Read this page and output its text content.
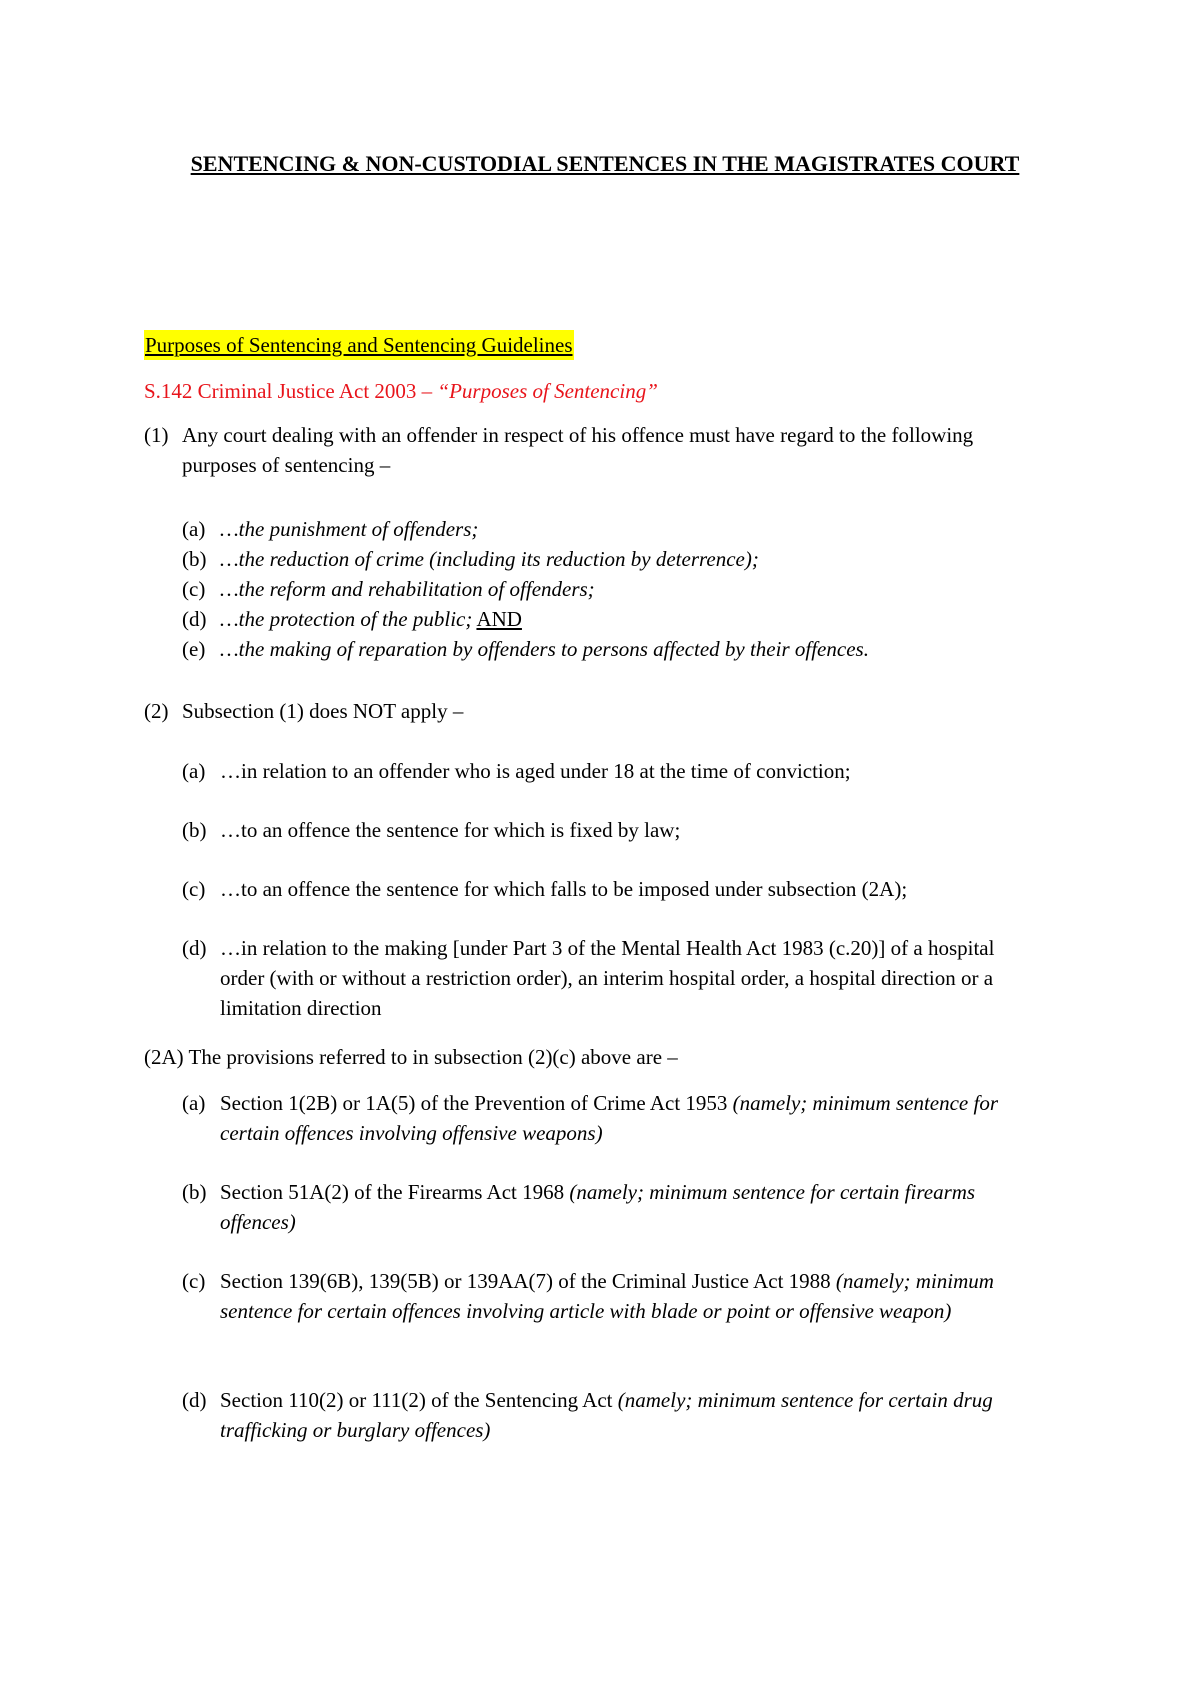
SENTENCING & NON-CUSTODIAL SENTENCES IN THE MAGISTRATES COURT
Purposes of Sentencing and Sentencing Guidelines
S.142 Criminal Justice Act 2003 – “Purposes of Sentencing”
(1) Any court dealing with an offender in respect of his offence must have regard to the following purposes of sentencing –
(a) …the punishment of offenders;
(b) …the reduction of crime (including its reduction by deterrence);
(c) …the reform and rehabilitation of offenders;
(d) …the protection of the public; AND
(e) …the making of reparation by offenders to persons affected by their offences.
(2) Subsection (1) does NOT apply –
(a) …in relation to an offender who is aged under 18 at the time of conviction;
(b) …to an offence the sentence for which is fixed by law;
(c) …to an offence the sentence for which falls to be imposed under subsection (2A);
(d) …in relation to the making [under Part 3 of the Mental Health Act 1983 (c.20)] of a hospital order (with or without a restriction order), an interim hospital order, a hospital direction or a limitation direction
(2A) The provisions referred to in subsection (2)(c) above are –
(a) Section 1(2B) or 1A(5) of the Prevention of Crime Act 1953 (namely; minimum sentence for certain offences involving offensive weapons)
(b) Section 51A(2) of the Firearms Act 1968 (namely; minimum sentence for certain firearms offences)
(c) Section 139(6B), 139(5B) or 139AA(7) of the Criminal Justice Act 1988 (namely; minimum sentence for certain offences involving article with blade or point or offensive weapon)
(d) Section 110(2) or 111(2) of the Sentencing Act (namely; minimum sentence for certain drug trafficking or burglary offences)
